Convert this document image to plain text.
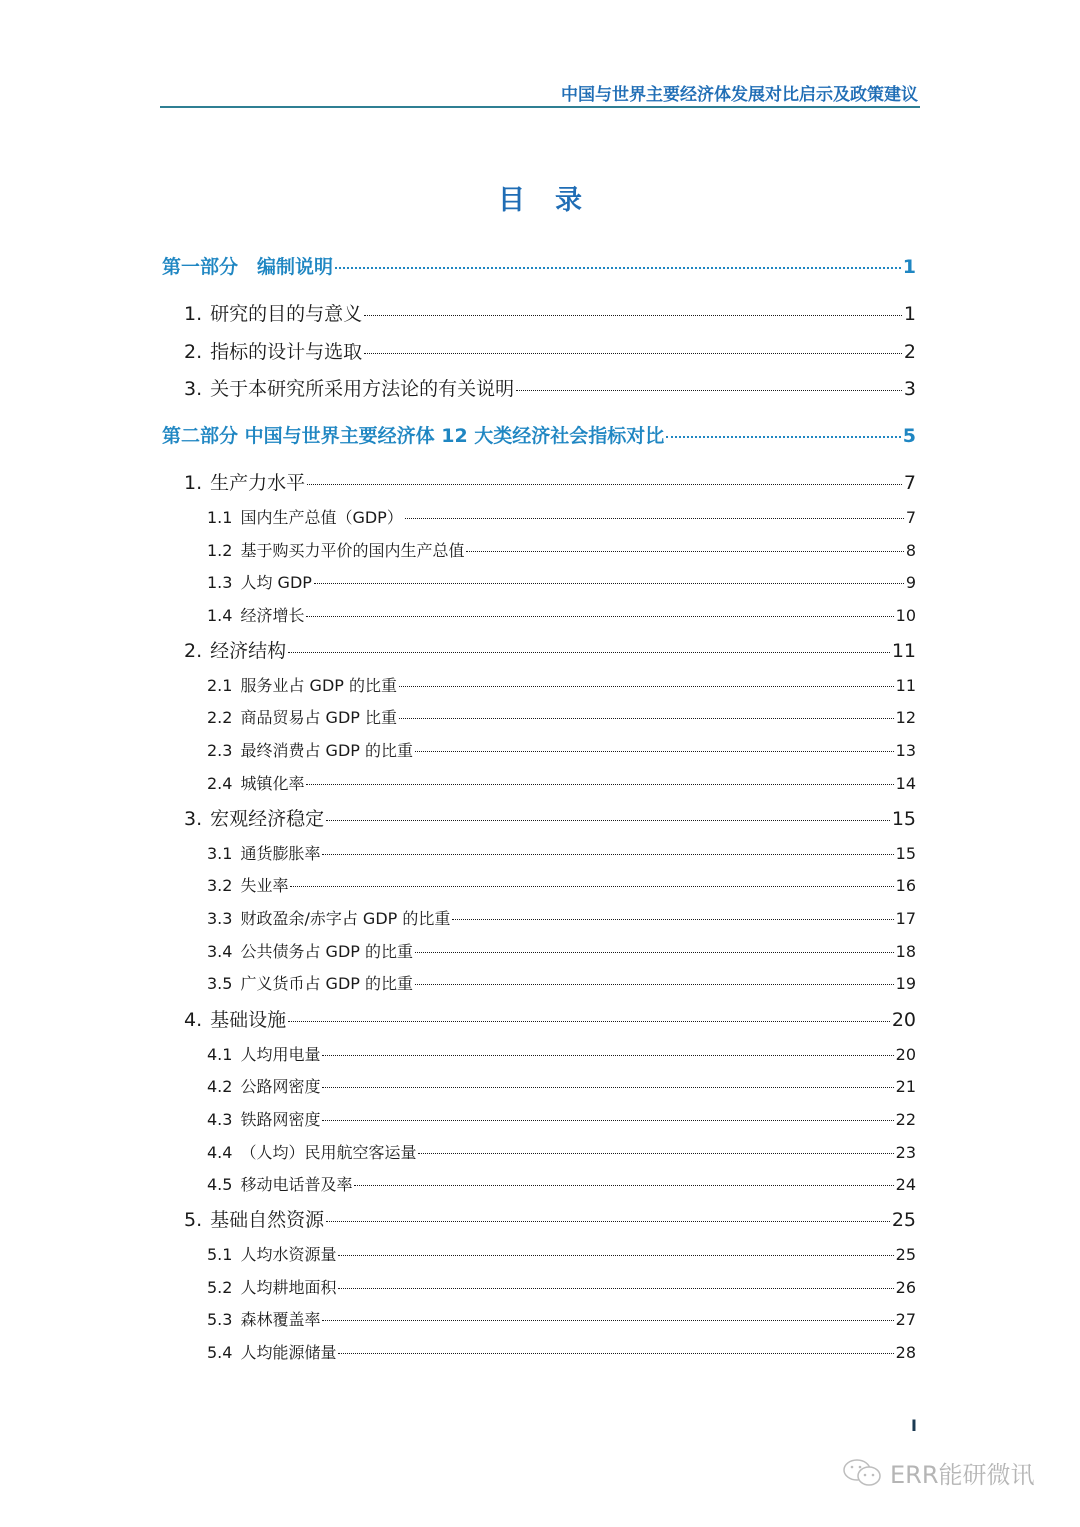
中国与世界主要经济体发展对比启示及政策建议
目录
第一部分　编制说明	1
1. 研究的目的与意义	1
2. 指标的设计与选取	2
3. 关于本研究所采用方法论的有关说明	3
第二部分 中国与世界主要经济体 12 大类经济社会指标对比	5
1. 生产力水平	7
1.1 国内生产总值（GDP）	7
1.2 基于购买力平价的国内生产总值	8
1.3 人均 GDP	9
1.4 经济增长	10
2. 经济结构	11
2.1 服务业占 GDP 的比重	11
2.2 商品贸易占 GDP 比重	12
2.3 最终消费占 GDP 的比重	13
2.4 城镇化率	14
3. 宏观经济稳定	15
3.1 通货膨胀率	15
3.2 失业率	16
3.3 财政盈余/赤字占 GDP 的比重	17
3.4 公共债务占 GDP 的比重	18
3.5 广义货币占 GDP 的比重	19
4. 基础设施	20
4.1 人均用电量	20
4.2 公路网密度	21
4.3 铁路网密度	22
4.4 （人均）民用航空客运量	23
4.5 移动电话普及率	24
5. 基础自然资源	25
5.1 人均水资源量	25
5.2 人均耕地面积	26
5.3 森林覆盖率	27
5.4 人均能源储量	28
I
ERR能研微讯
